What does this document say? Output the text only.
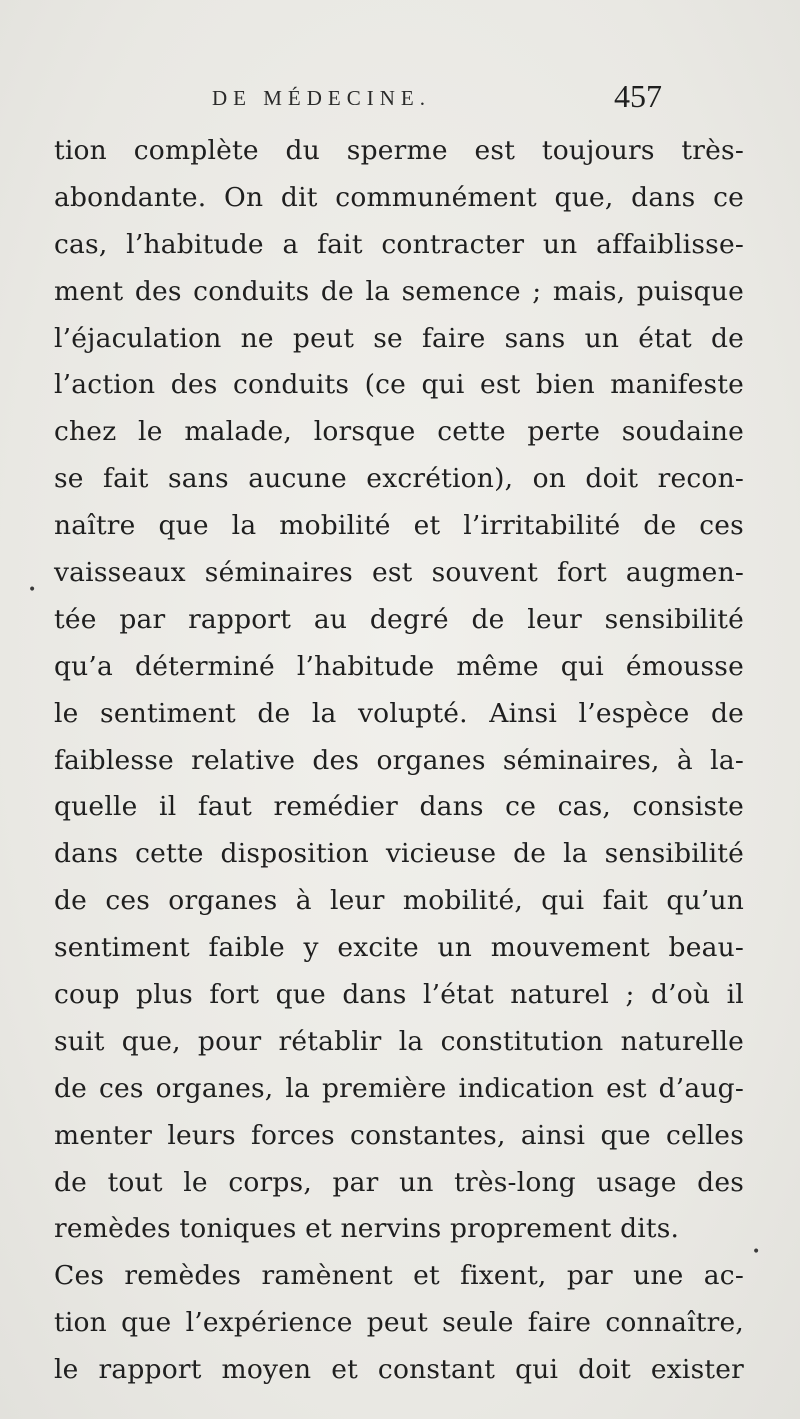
DE MÉDECINE.	457
tion complète du sperme est toujours très-
abondante. On dit communément que, dans ce
cas, l’habitude a fait contracter un affaiblisse-
ment des conduits de la semence ; mais, puisque
l’éjaculation ne peut se faire sans un état de
l’action des conduits (ce qui est bien manifeste
chez le malade, lorsque cette perte soudaine
se fait sans aucune excrétion), on doit recon-
naître que la mobilité et l’irritabilité de ces
vaisseaux séminaires est souvent fort augmen-
tée par rapport au degré de leur sensibilité
qu’a déterminé l’habitude même qui émousse
le sentiment de la volupté. Ainsi l’espèce de
faiblesse relative des organes séminaires, à la-
quelle il faut remédier dans ce cas, consiste
dans cette disposition vicieuse de la sensibilité
de ces organes à leur mobilité, qui fait qu’un
sentiment faible y excite un mouvement beau-
coup plus fort que dans l’état naturel ; d’où il
suit que, pour rétablir la constitution naturelle
de ces organes, la première indication est d’aug-
menter leurs forces constantes, ainsi que celles
de tout le corps, par un très-long usage des
remèdes toniques et nervins proprement dits.
Ces remèdes ramènent et fixent, par une ac-
tion que l’expérience peut seule faire connaître,
le rapport moyen et constant qui doit exister
•
•
